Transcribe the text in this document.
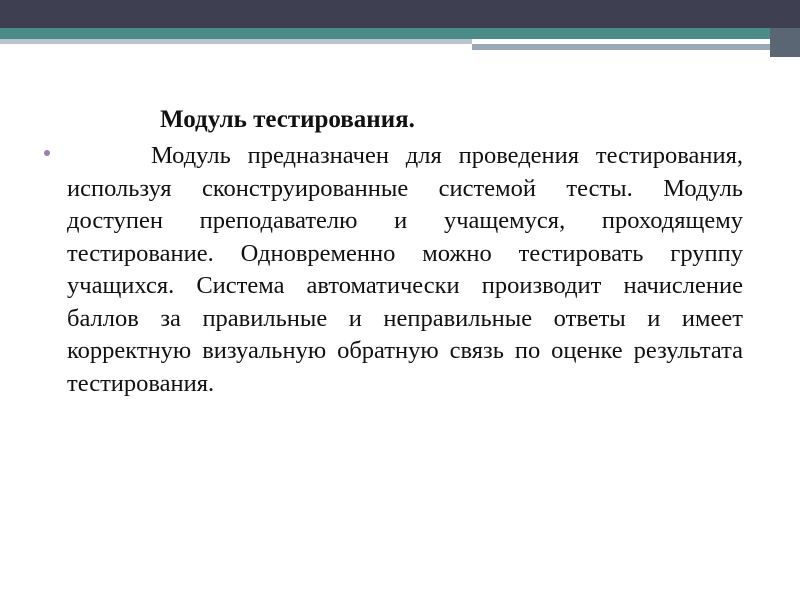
Модуль тестирования.
Модуль предназначен для проведения тестирования, используя сконструированные системой тесты. Модуль доступен преподавателю и учащемуся, проходящему тестирование. Одновременно можно тестировать группу учащихся. Система автоматически производит начисление баллов за правильные и неправильные ответы и имеет корректную визуальную обратную связь по оценке результата тестирования.
